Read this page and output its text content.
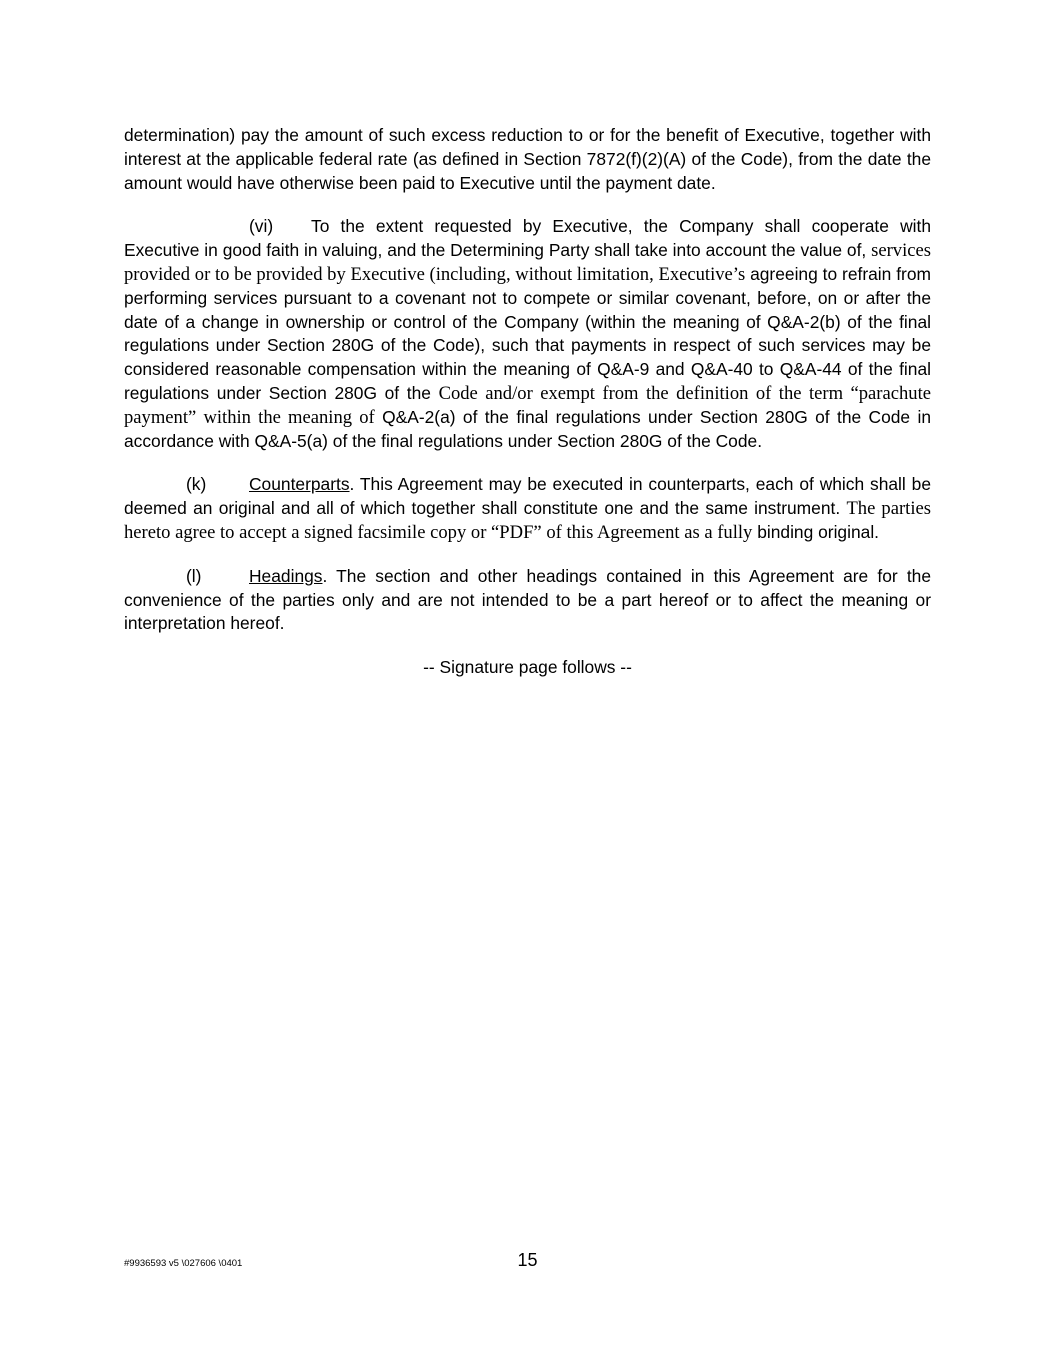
determination) pay the amount of such excess reduction to or for the benefit of Executive, together with interest at the applicable federal rate (as defined in Section 7872(f)(2)(A) of the Code), from the date the amount would have otherwise been paid to Executive until the payment date.

(vi) To the extent requested by Executive, the Company shall cooperate with Executive in good faith in valuing, and the Determining Party shall take into account the value of, services provided or to be provided by Executive (including, without limitation, Executive’s agreeing to refrain from performing services pursuant to a covenant not to compete or similar covenant, before, on or after the date of a change in ownership or control of the Company (within the meaning of Q&A-2(b) of the final regulations under Section 280G of the Code), such that payments in respect of such services may be considered reasonable compensation within the meaning of Q&A-9 and Q&A-40 to Q&A-44 of the final regulations under Section 280G of the Code and/or exempt from the definition of the term “parachute payment” within the meaning of Q&A-2(a) of the final regulations under Section 280G of the Code in accordance with Q&A-5(a) of the final regulations under Section 280G of the Code.

(k) Counterparts. This Agreement may be executed in counterparts, each of which shall be deemed an original and all of which together shall constitute one and the same instrument. The parties hereto agree to accept a signed facsimile copy or “PDF” of this Agreement as a fully binding original.

(l)	Headings. The section and other headings contained in this Agreement are for the convenience of the parties only and are not intended to be a part hereof or to affect the meaning or interpretation hereof.

-- Signature page follows --

#9936593 v5 \027606 \0401	15
